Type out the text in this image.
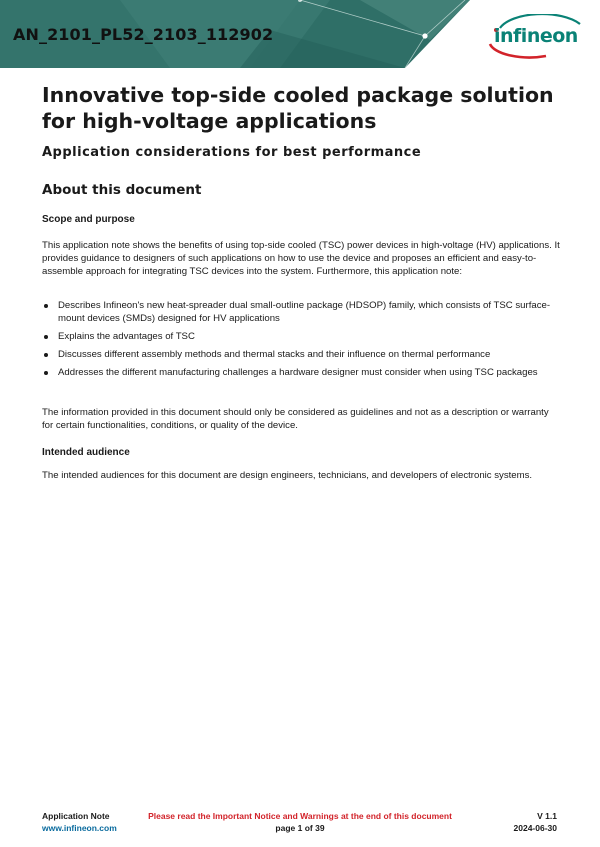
AN_2101_PL52_2103_112902	infineon
Innovative top-side cooled package solution for high-voltage applications
Application considerations for best performance
About this document
Scope and purpose

This application note shows the benefits of using top-side cooled (TSC) power devices in high-voltage (HV) applications. It provides guidance to designers of such applications on how to use the device and proposes an efficient and easy-to-assemble approach for integrating TSC devices into the system. Furthermore, this application note:

Describes Infineon's new heat-spreader dual small-outline package (HDSOP) family, which consists of TSC surface-mount devices (SMDs) designed for HV applications
Explains the advantages of TSC
Discusses different assembly methods and thermal stacks and their influence on thermal performance
Addresses the different manufacturing challenges a hardware designer must consider when using TSC packages

The information provided in this document should only be considered as guidelines and not as a description or warranty for certain functionalities, conditions, or quality of the device.

Intended audience

The intended audiences for this document are design engineers, technicians, and developers of electronic systems.

Application Note
www.infineon.com
Please read the Important Notice and Warnings at the end of this document
page 1 of 39
V 1.1
2024-06-30
